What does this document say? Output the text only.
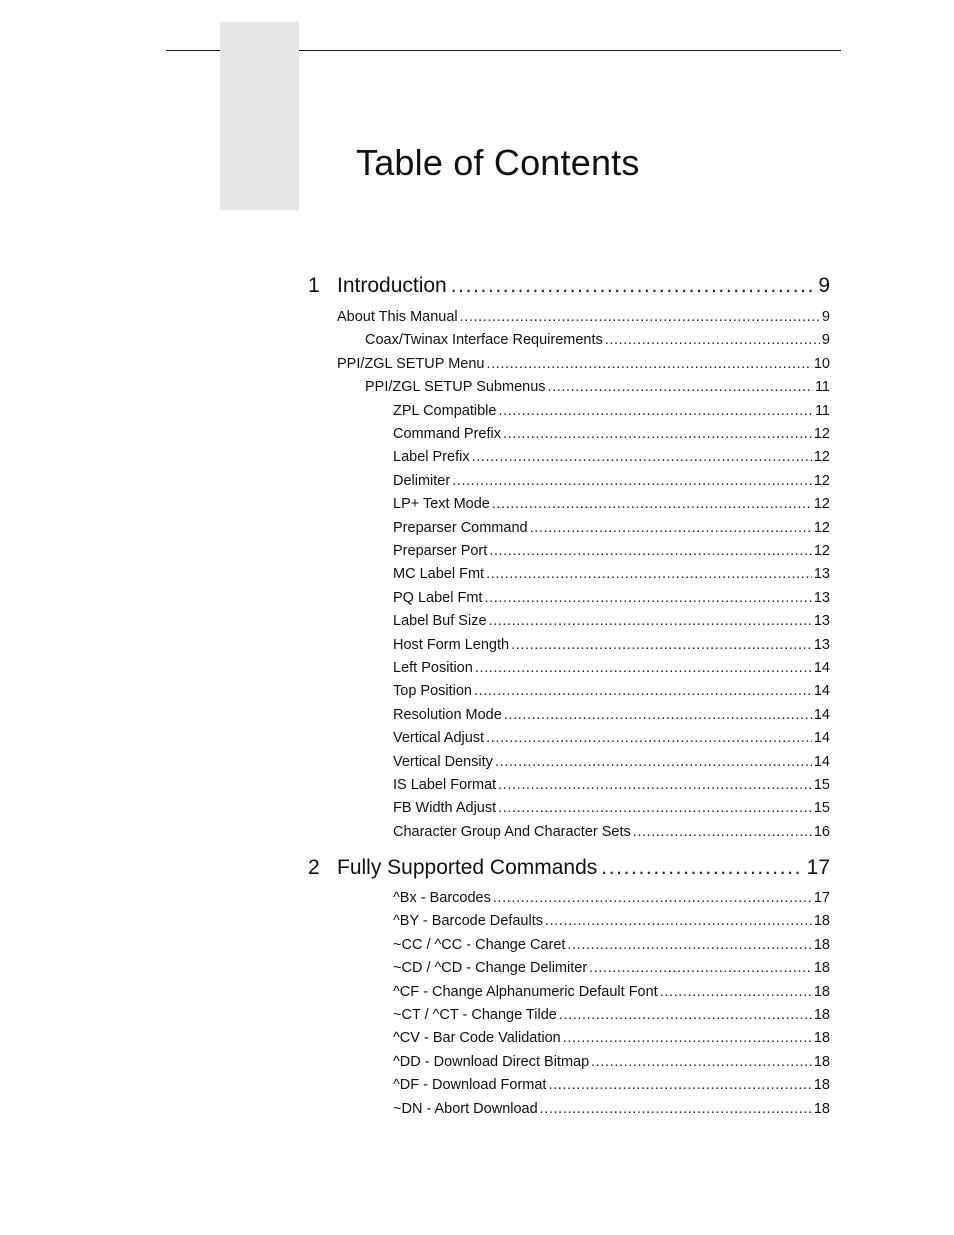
Table of Contents
1 Introduction .....	9
About This Manual .....	9
Coax/Twinax Interface Requirements .....	9
PPI/ZGL SETUP Menu .....	10
PPI/ZGL SETUP Submenus .....	11
ZPL Compatible .....	11
Command Prefix .....	12
Label Prefix .....	12
Delimiter .....	12
LP+ Text Mode .....	12
Preparser Command .....	12
Preparser Port .....	12
MC Label Fmt .....	13
PQ Label Fmt .....	13
Label Buf Size .....	13
Host Form Length .....	13
Left Position .....	14
Top Position .....	14
Resolution Mode .....	14
Vertical Adjust .....	14
Vertical Density .....	14
IS Label Format .....	15
FB Width Adjust .....	15
Character Group And Character Sets .....	16
2 Fully Supported Commands .....	17
^Bx - Barcodes .....	17
^BY - Barcode Defaults .....	18
~CC / ^CC - Change Caret .....	18
~CD / ^CD - Change Delimiter .....	18
^CF - Change Alphanumeric Default Font .....	18
~CT / ^CT - Change Tilde .....	18
^CV - Bar Code Validation .....	18
^DD - Download Direct Bitmap .....	18
^DF - Download Format .....	18
~DN - Abort Download .....	18
